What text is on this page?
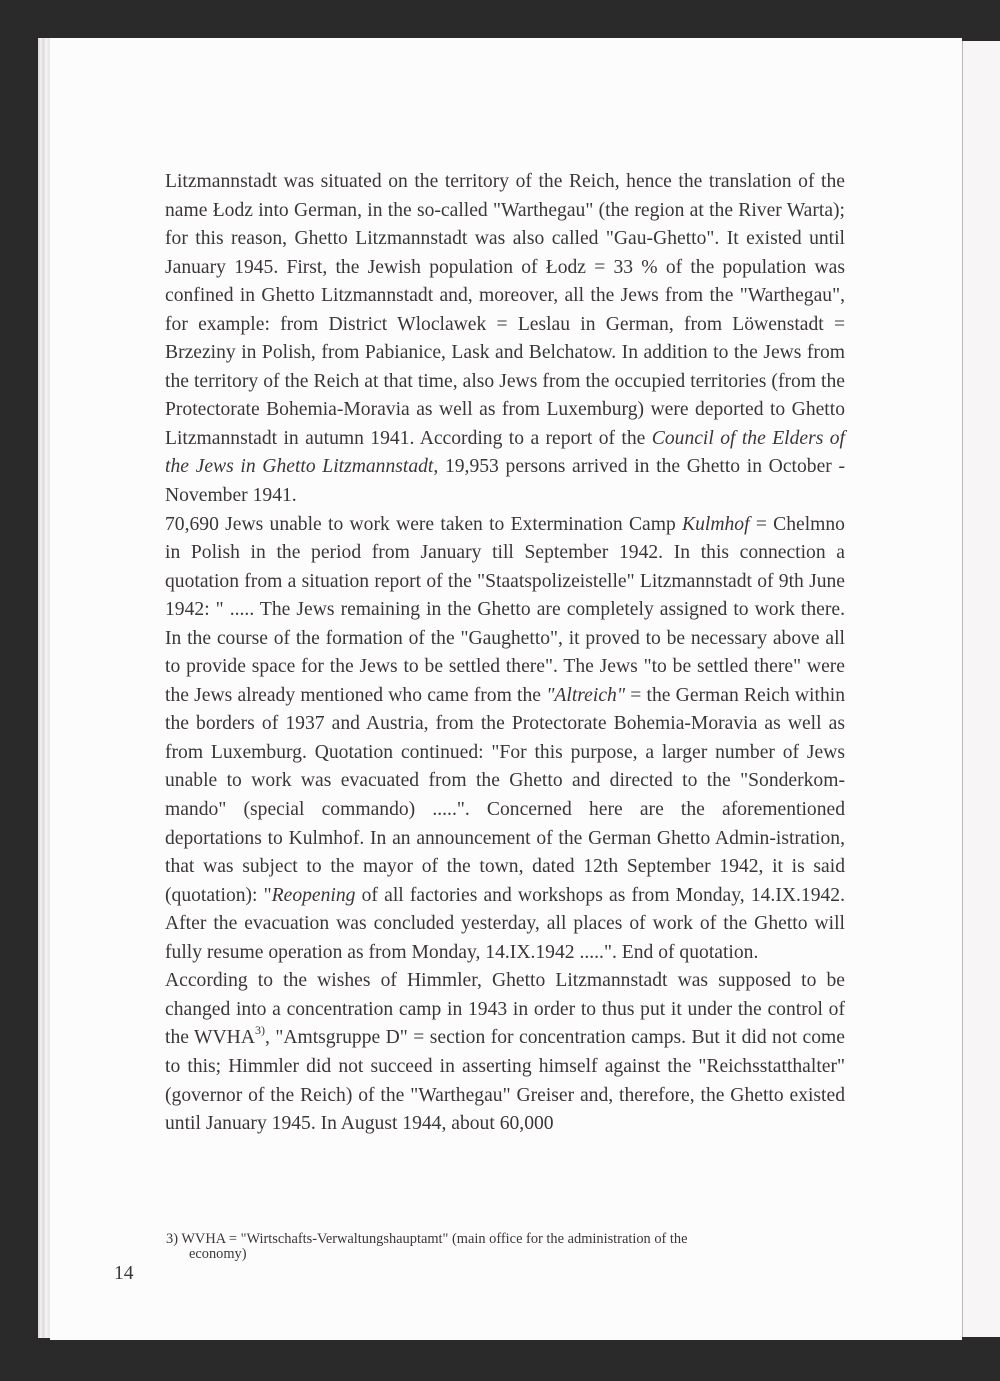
Litzmannstadt was situated on the territory of the Reich, hence the translation of the name Łodz into German, in the so-called "Warthegau" (the region at the River Warta); for this reason, Ghetto Litzmannstadt was also called "Gau-Ghetto". It existed until January 1945. First, the Jewish population of Łodz = 33 % of the population was confined in Ghetto Litzmannstadt and, moreover, all the Jews from the "Warthegau", for example: from District Wloclawek = Leslau in German, from Löwenstadt = Brzeziny in Polish, from Pabianice, Lask and Belchatow. In addition to the Jews from the territory of the Reich at that time, also Jews from the occupied territories (from the Protectorate Bohemia-Moravia as well as from Luxemburg) were deported to Ghetto Litzmannstadt in autumn 1941. According to a report of the Council of the Elders of the Jews in Ghetto Litzmannstadt, 19,953 persons arrived in the Ghetto in October - November 1941.

70,690 Jews unable to work were taken to Extermination Camp Kulmhof = Chelmno in Polish in the period from January till September 1942. In this connection a quotation from a situation report of the "Staatspolizeistelle" Litzmannstadt of 9th June 1942: " ..... The Jews remaining in the Ghetto are completely assigned to work there. In the course of the formation of the "Gaughetto", it proved to be necessary above all to provide space for the Jews to be settled there". The Jews "to be settled there" were the Jews already mentioned who came from the "Altreich" = the German Reich within the borders of 1937 and Austria, from the Protectorate Bohemia-Moravia as well as from Luxemburg. Quotation continued: "For this purpose, a larger number of Jews unable to work was evacuated from the Ghetto and directed to the "Sonderkom-mando" (special commando) .....". Concerned here are the aforementioned deportations to Kulmhof. In an announcement of the German Ghetto Admin-istration, that was subject to the mayor of the town, dated 12th September 1942, it is said (quotation): "Reopening of all factories and workshops as from Monday, 14.IX.1942. After the evacuation was concluded yesterday, all places of work of the Ghetto will fully resume operation as from Monday, 14.IX.1942 .....". End of quotation.

According to the wishes of Himmler, Ghetto Litzmannstadt was supposed to be changed into a concentration camp in 1943 in order to thus put it under the control of the WVHA$^{3)}$, "Amtsgruppe D" = section for concentration camps. But it did not come to this; Himmler did not succeed in asserting himself against the "Reichsstatthalter" (governor of the Reich) of the "Warthegau" Greiser and, therefore, the Ghetto existed until January 1945. In August 1944, about 60,000

3) WVHA = "Wirtschafts-Verwaltungshauptamt" (main office for the administration of the
economy)
14
